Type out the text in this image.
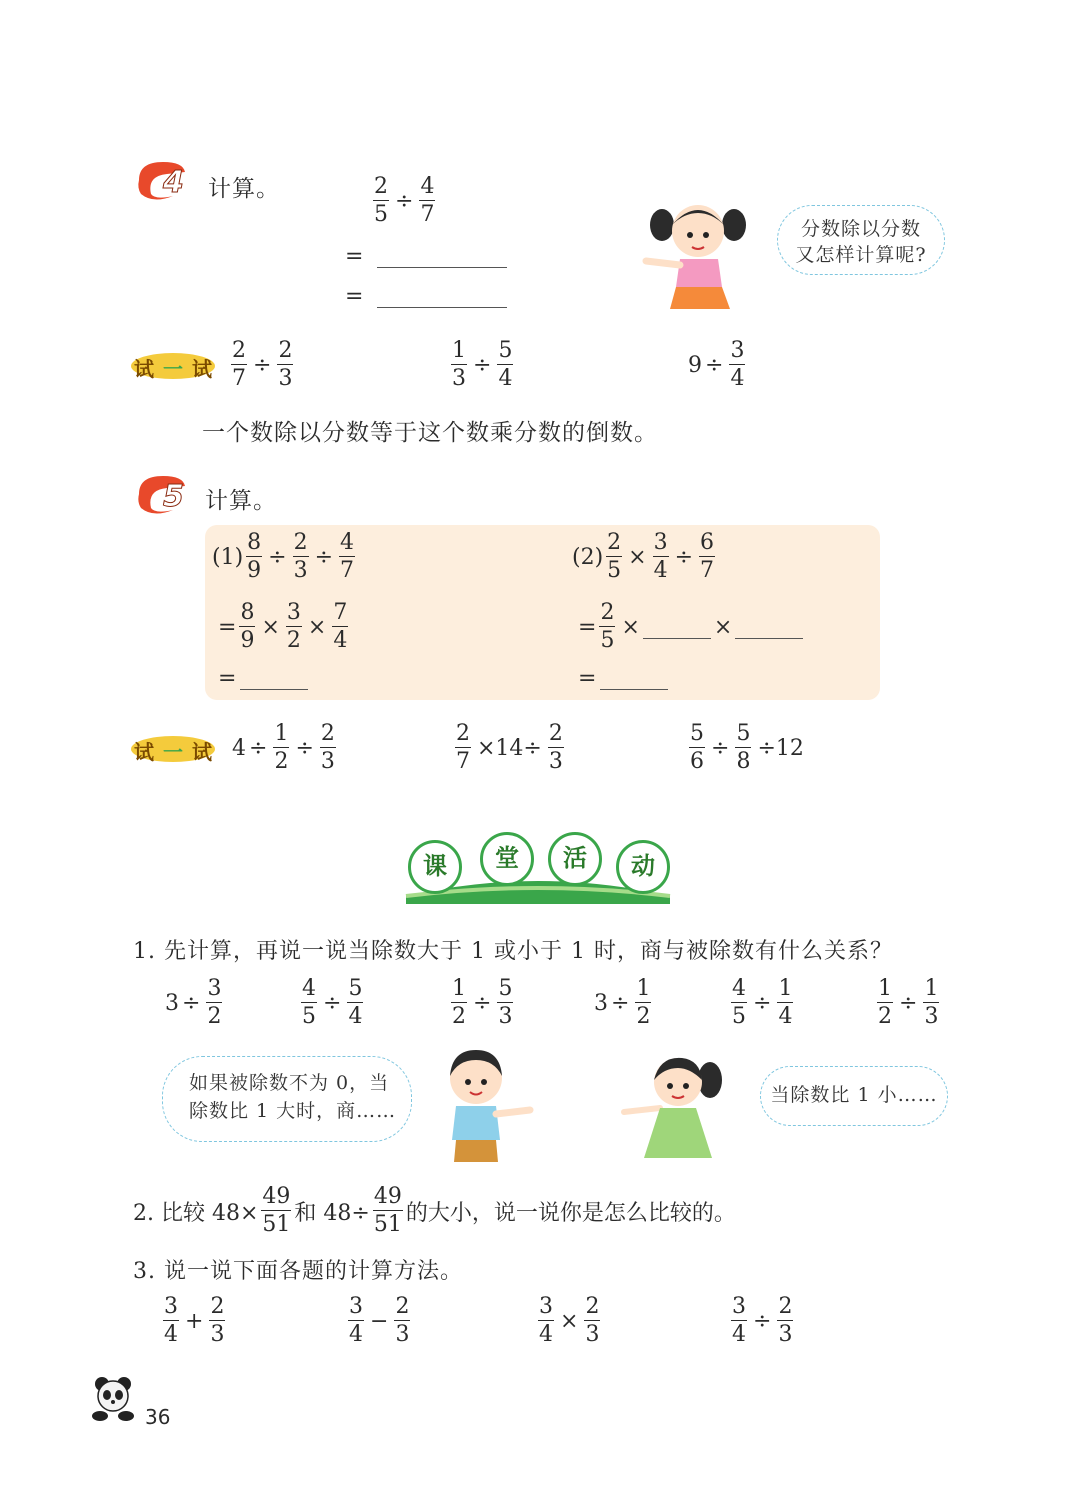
4 计算。	$\frac{2}{5} \div \frac{4}{7}$
=
=
分数除以分数
又怎样计算呢?
试 一 试 $\frac{2}{7} \div \frac{2}{3}$	$\frac{1}{3} \div \frac{5}{4}$	$9 \div \frac{3}{4}$
一个数除以分数等于这个数乘分数的倒数。
5 计算。
$(1) \frac{8}{9} \div \frac{2}{3} \div \frac{4}{7}$
= $\frac{8}{9} \times \frac{3}{2} \times \frac{7}{4}$
=
$(2) \frac{2}{5} \times \frac{3}{4} \div \frac{6}{7}$
= $\frac{2}{5}$ ×	×
=
试 一 试 $4 \div \frac{1}{2} \div \frac{2}{3}$	$\frac{2}{7} \times 14\div \frac{2}{3}$	$\frac{5}{6} \div \frac{5}{8} \div 12$
课	堂	活	动
1. 先计算，再说一说当除数大于 1 或小于 1 时，商与被除数有什么关系？
$3 \div \frac{3}{2}$	$\frac{4}{5} \div \frac{5}{4}$	$\frac{1}{2} \div \frac{5}{3}$	$3 \div \frac{1}{2}$	$\frac{4}{5} \div \frac{1}{4}$	$\frac{1}{2} \div \frac{1}{3}$
如果被除数不为 0，当
除数比 1 大时，商……
当除数比 1 小……
2. 比较 $48\times \frac{49}{51}$ 和 $48\div \frac{49}{51}$ 的大小，说一说你是怎么比较的。
3. 说一说下面各题的计算方法。
$\frac{3}{4} + \frac{2}{3}$	$\frac{3}{4} - \frac{2}{3}$	$\frac{3}{4} \times \frac{2}{3}$	$\frac{3}{4} \div \frac{2}{3}$
36
